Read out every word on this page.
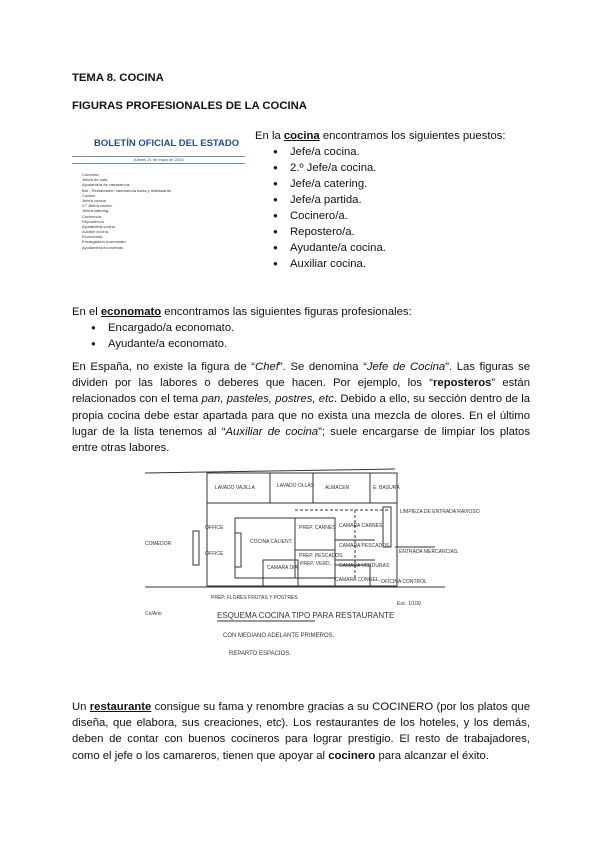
TEMA 8. COCINA
FIGURAS PROFESIONALES DE LA COCINA
BOLETÍN OFICIAL DEL ESTADO
Jueves 21 de mayo de 2015
Comedor:
Jefe/a de sala.
Ayudante/a de camarero/a.
Bar - Restaurante: camarero/a barra y restaurante.
Cocina:
Jefe/a cocina.
2.º Jefe/a cocina.
Jefe/a catering.
Cocinero/a.
Repostero/a.
Ayudante/a cocina.
Auxiliar cocina.
Economato:
Encargado/a economato.
Ayudante/a economato.
En la cocina encontramos los siguientes puestos:
● Jefe/a cocina.
● 2.º Jefe/a cocina.
● Jefe/a catering.
● Jefe/a partida.
● Cocinero/a.
● Repostero/a.
● Ayudante/a cocina.
● Auxiliar cocina.
En el economato encontramos las siguientes figuras profesionales:
● Encargado/a economato.
● Ayudante/a economato.

En España, no existe la figura de “Chef”. Se denomina “Jefe de Cocina”. Las figuras se dividen por las labores o deberes que hacen. Por ejemplo, los “reposteros” están relacionados con el tema pan, pasteles, postres, etc. Debido a ello, su sección dentro de la propia cocina debe estar apartada para que no exista una mezcla de olores. En el último lugar de la lista tenemos al “Auxiliar de cocina”; suele encargarse de limpiar los platos entre otras labores.

LAVADO VAJILLA	LAVADO OLLAS ALMACEN	E. BASURA
LIMPIEZA DE ENTRADA RAVIOSO
COMEDOR
OFFICE
OFFICE
COCINA CALIENT.
PREP. CARNES CAMARA CARNES
PREP. PESCADOS
CAMARA PESCADOS
CAMARA VERDURAS
ENTRADA MERCANCIAS.
PREP. FLORES FRUTAS Y POSTRES
CAMARA DIA
PREP. VERD.
CAMARA CONGEL. OFICINA CONTROL
Esc. 1/100
Cn/Ano	ESQUEMA COCINA TIPO PARA RESTAURANTE
CON MEDIANO ADELANTE PRIMEROS.
REPARTO ESPACIOS.

Un restaurante consigue su fama y renombre gracias a su COCINERO (por los platos que diseña, que elabora, sus creaciones, etc). Los restaurantes de los hoteles, y los demás, deben de contar con buenos cocineros para lograr prestigio. El resto de trabajadores, como el jefe o los camareros, tienen que apoyar al cocinero para alcanzar el éxito.
